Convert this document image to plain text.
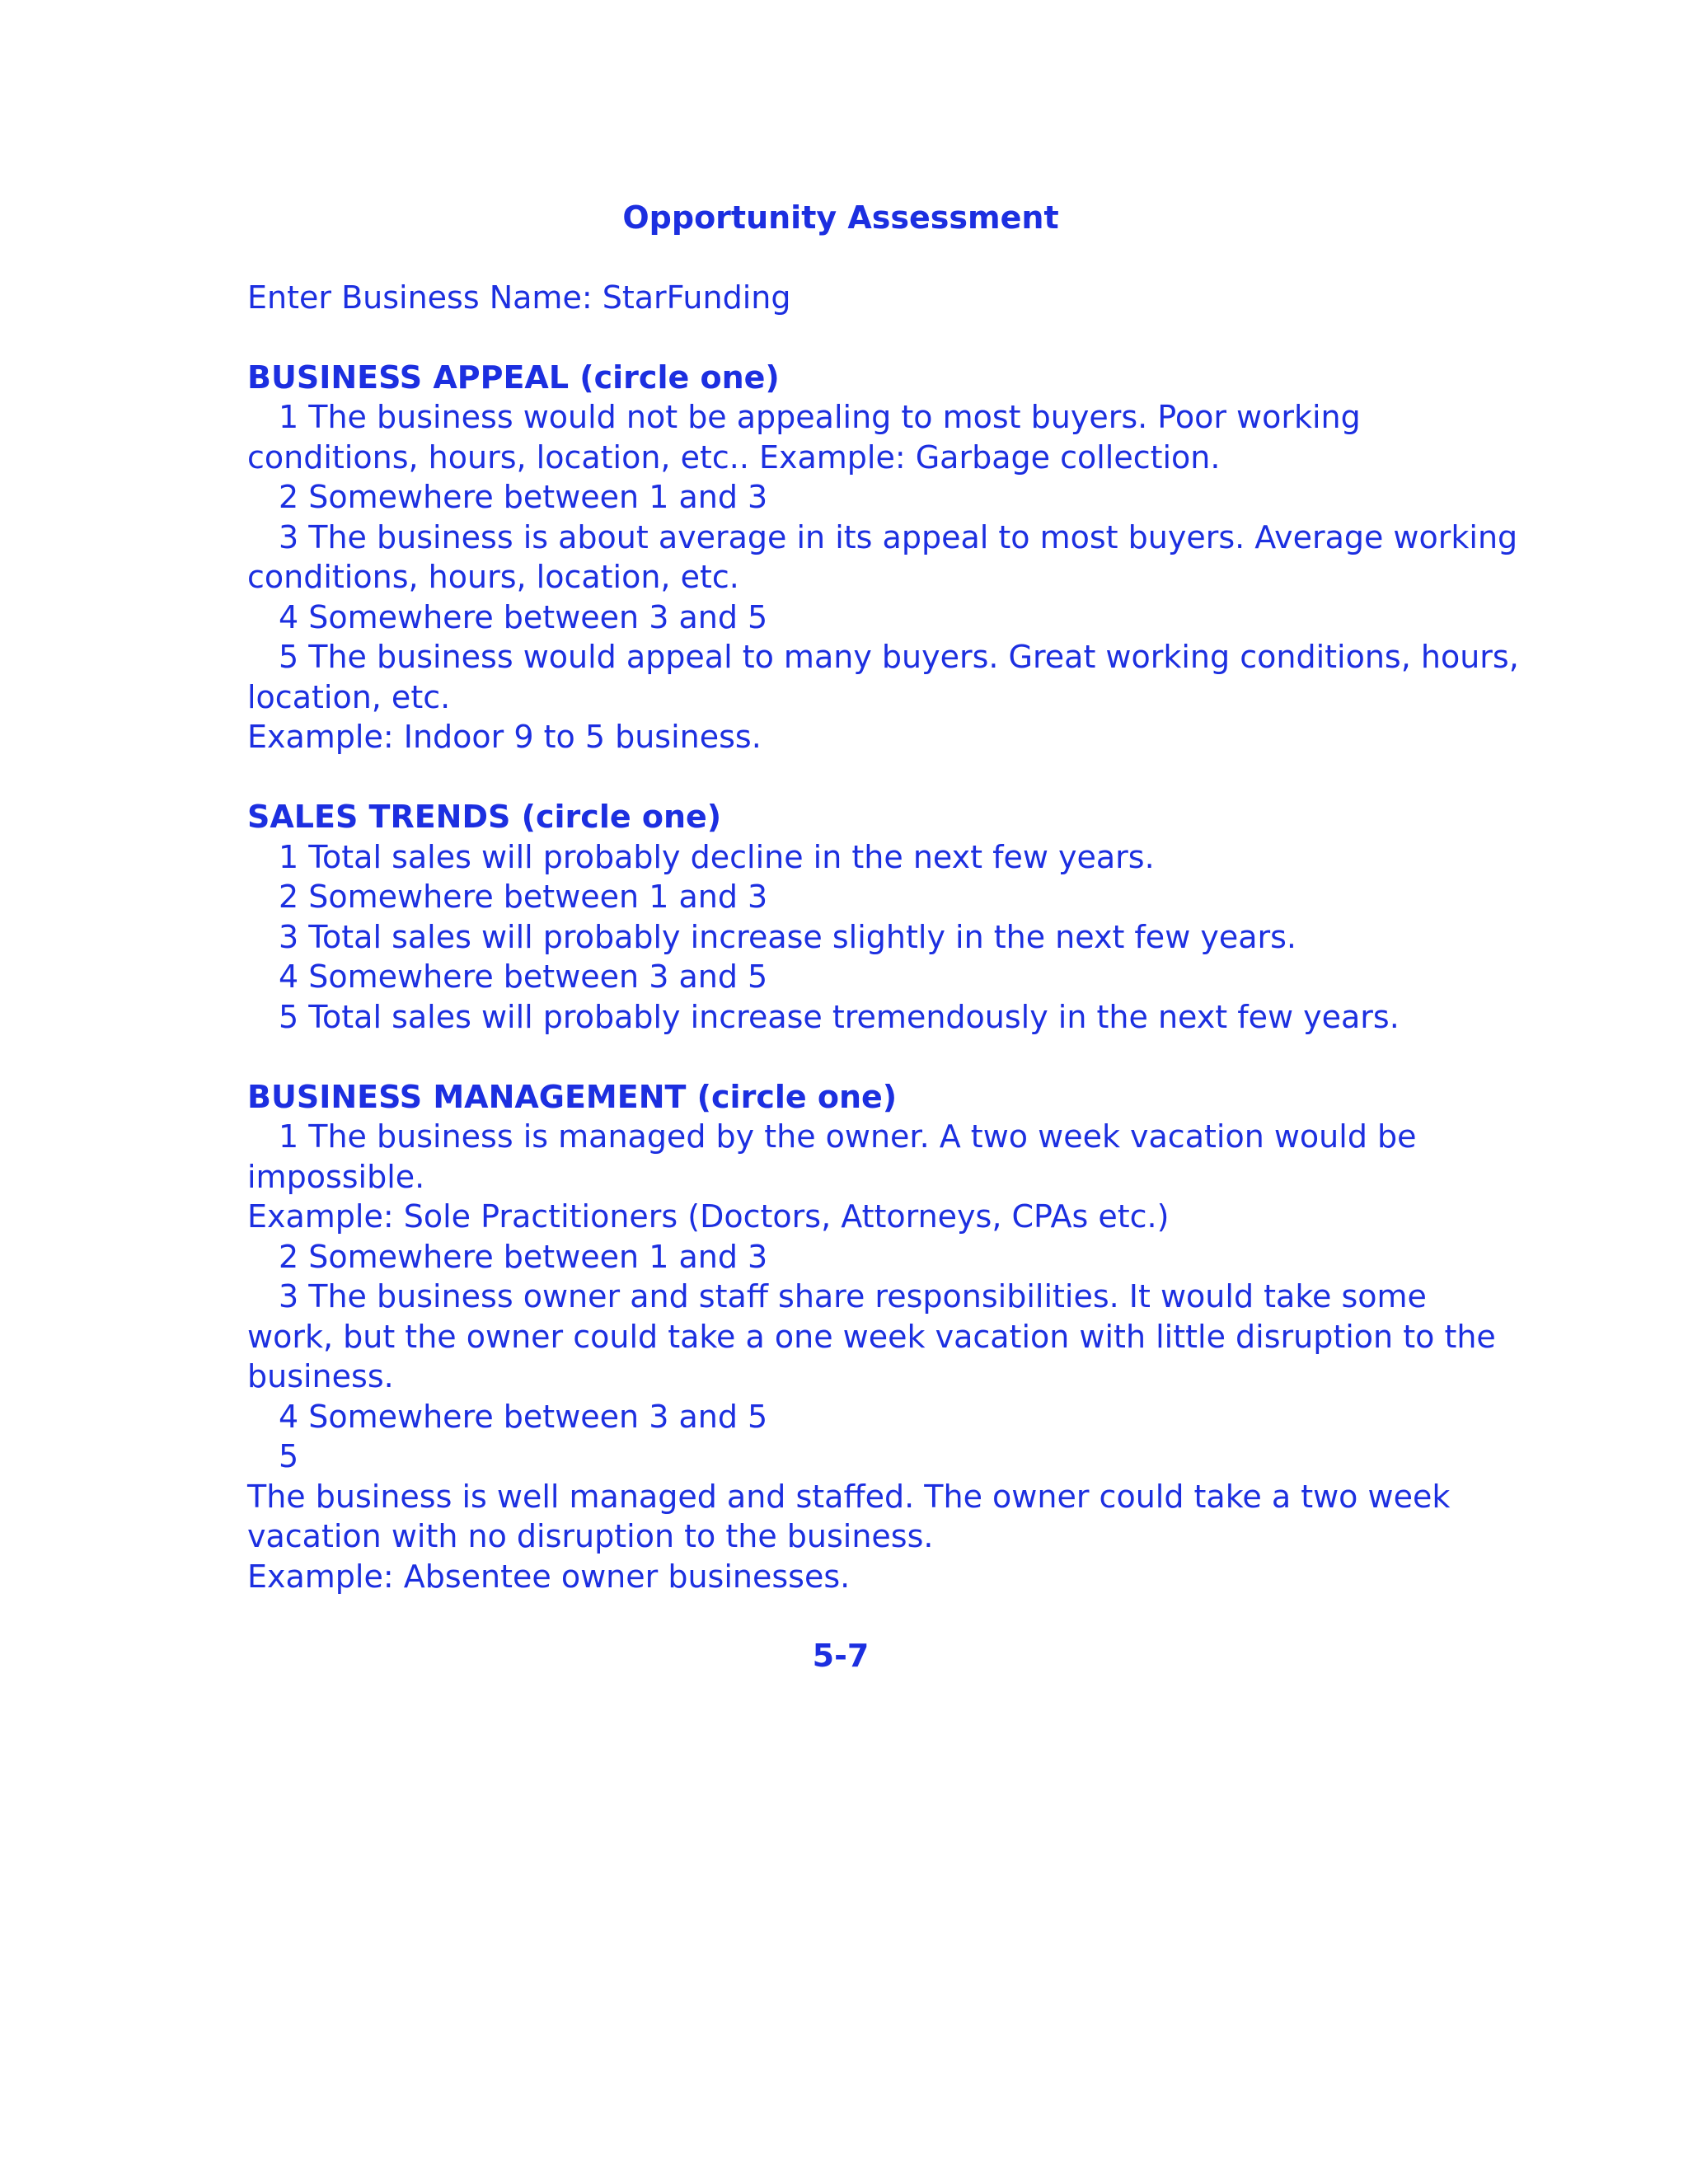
Opportunity Assessment
Enter Business Name: StarFunding
BUSINESS APPEAL (circle one)
1 The business would not be appealing to most buyers. Poor working
conditions, hours, location, etc.. Example: Garbage collection.
2 Somewhere between 1 and 3
3 The business is about average in its appeal to most buyers. Average working
conditions, hours, location, etc.
4 Somewhere between 3 and 5
5 The business would appeal to many buyers. Great working conditions, hours,
location, etc.
Example: Indoor 9 to 5 business.
SALES TRENDS (circle one)
1 Total sales will probably decline in the next few years.
2 Somewhere between 1 and 3
3 Total sales will probably increase slightly in the next few years.
4 Somewhere between 3 and 5
5 Total sales will probably increase tremendously in the next few years.
BUSINESS MANAGEMENT (circle one)
1 The business is managed by the owner. A two week vacation would be
impossible.
Example: Sole Practitioners (Doctors, Attorneys, CPAs etc.)
2 Somewhere between 1 and 3
3 The business owner and staff share responsibilities. It would take some
work, but the owner could take a one week vacation with little disruption to the
business.
4 Somewhere between 3 and 5
5
The business is well managed and staffed. The owner could take a two week
vacation with no disruption to the business.
Example: Absentee owner businesses.
5-7
